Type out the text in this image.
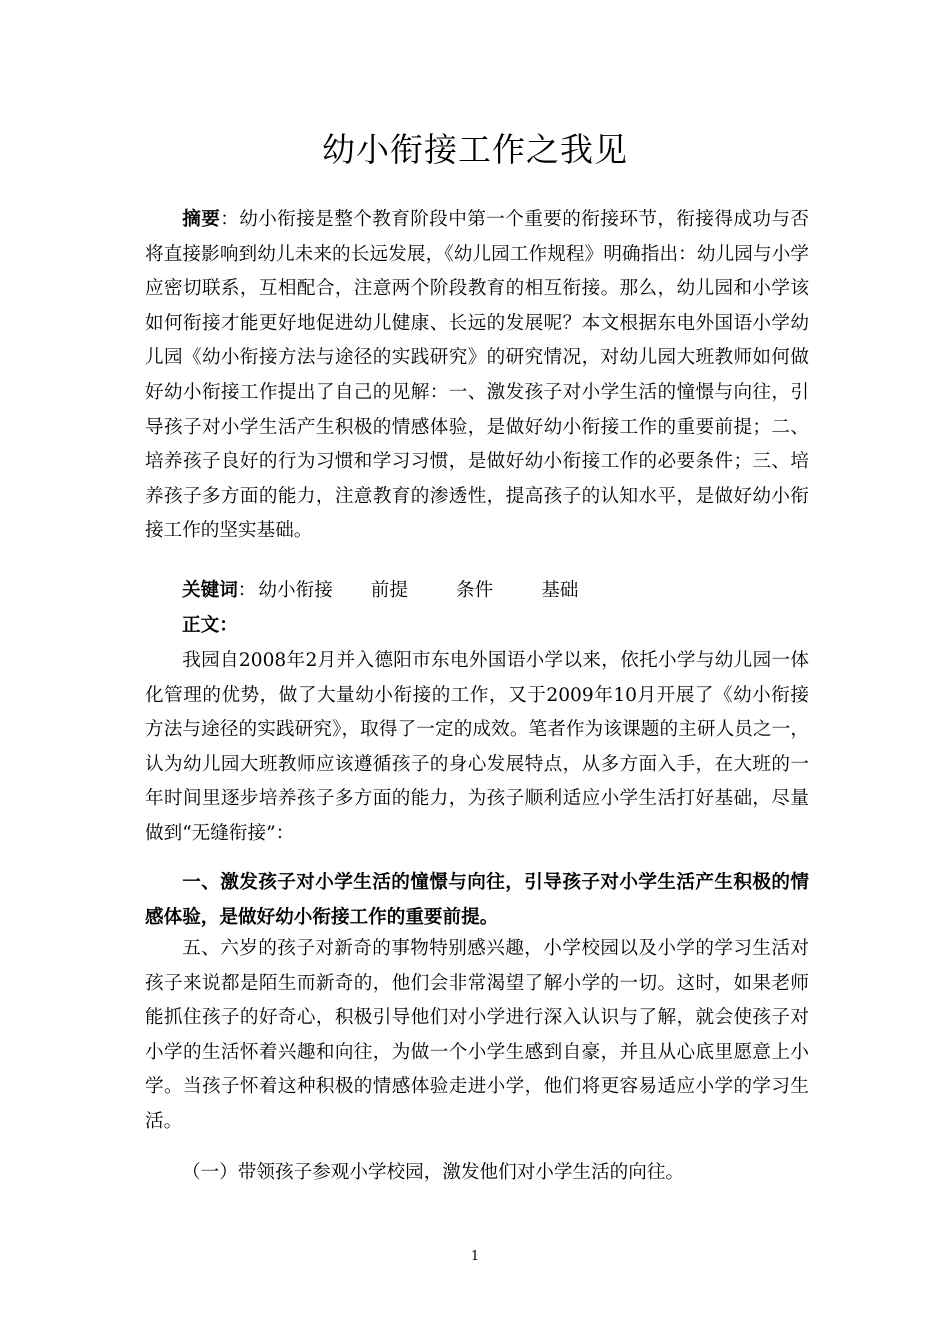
幼小衔接工作之我见

摘要：幼小衔接是整个教育阶段中第一个重要的衔接环节，衔接得成功与否将直接影响到幼儿未来的长远发展，《幼儿园工作规程》明确指出：幼儿园与小学应密切联系，互相配合，注意两个阶段教育的相互衔接。那么，幼儿园和小学该如何衔接才能更好地促进幼儿健康、长远的发展呢？本文根据东电外国语小学幼儿园《幼小衔接方法与途径的实践研究》的研究情况，对幼儿园大班教师如何做好幼小衔接工作提出了自己的见解：一、激发孩子对小学生活的憧憬与向往，引导孩子对小学生活产生积极的情感体验，是做好幼小衔接工作的重要前提；二、培养孩子良好的行为习惯和学习习惯，是做好幼小衔接工作的必要条件；三、培养孩子多方面的能力，注意教育的渗透性，提高孩子的认知水平，是做好幼小衔接工作的坚实基础。

关键词： 幼小衔接 前提	条件	基础
正文：

我园自2008年2月并入德阳市东电外国语小学以来，依托小学与幼儿园一体化管理的优势，做了大量幼小衔接的工作，又于2009年10月开展了《幼小衔接方法与途径的实践研究》，取得了一定的成效。笔者作为该课题的主研人员之一，认为幼儿园大班教师应该遵循孩子的身心发展特点，从多方面入手，在大班的一年时间里逐步培养孩子多方面的能力，为孩子顺利适应小学生活打好基础，尽量做到“无缝衔接”：

一、激发孩子对小学生活的憧憬与向往，引导孩子对小学生活产生积极的情感体验，是做好幼小衔接工作的重要前提。

五、六岁的孩子对新奇的事物特别感兴趣，小学校园以及小学的学习生活对孩子来说都是陌生而新奇的，他们会非常渴望了解小学的一切。这时，如果老师能抓住孩子的好奇心，积极引导他们对小学进行深入认识与了解，就会使孩子对小学的生活怀着兴趣和向往，为做一个小学生感到自豪，并且从心底里愿意上小学。当孩子怀着这种积极的情感体验走进小学，他们将更容易适应小学的学习生活。

（一）带领孩子参观小学校园，激发他们对小学生活的向往。
1
